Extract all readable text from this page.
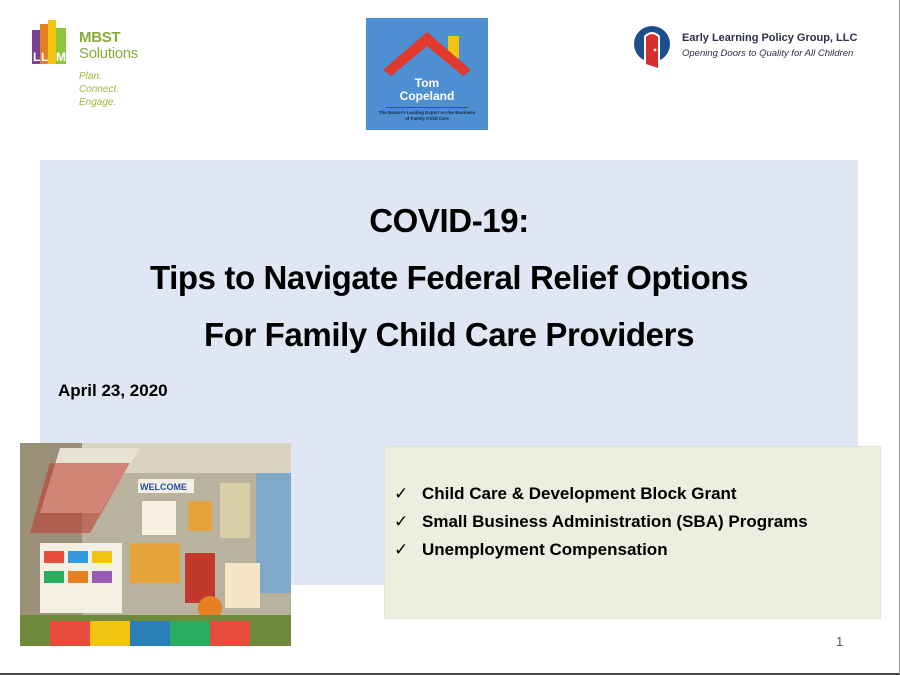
L L M
MBST
Solutions
Plan.
Connect.
Engage.
Tom
Copeland
The Nation's Leading Expert on the Business of Family Child Care
Early Learning Policy Group, LLC
Opening Doors to Quality for All Children
COVID-19:
Tips to Navigate Federal Relief Options
For Family Child Care Providers
April 23, 2020
WELCOME	✓ Child Care & Development Block Grant
✓ Small Business Administration (SBA) Programs
✓ Unemployment Compensation
1
